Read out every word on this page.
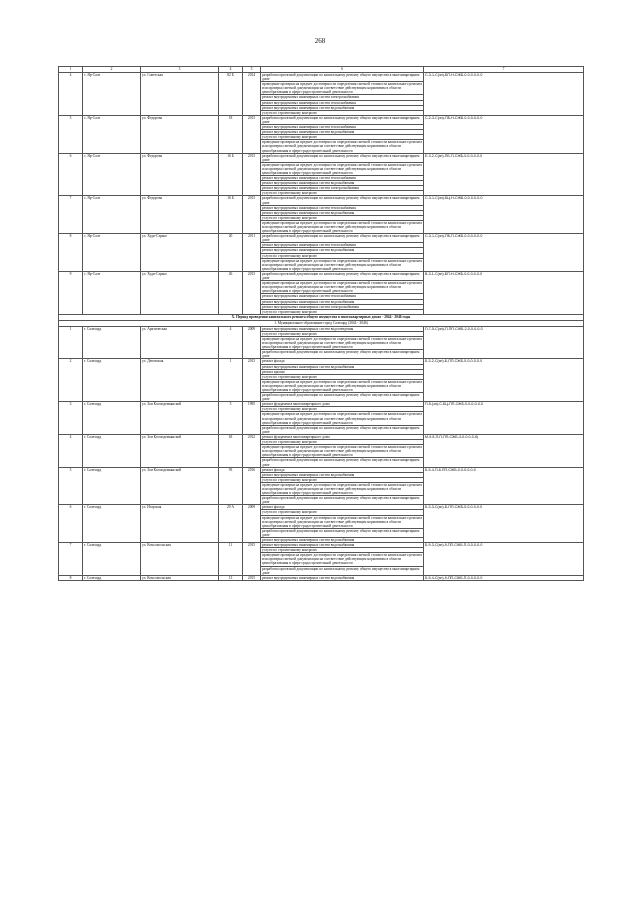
268
1	2	3	4	5	6	7
4	с. Яр-Сале	ул. Советская	82 Б	2014	разработка проектной документации по капитальному ремонту общего имущества в многоквартирном доме	С-3-1-С(зн)-БП-Н-СЖБ-0-0-0-0-0-0
					проведение проверки на предмет достоверности определения сметной стоимости капитального ремонта или проверка сметной документации на соответствие действующим нормативам в области ценообразования в сфере градостроительной деятельности	
					ремонт внутридомовых инженерных систем электроснабжения	
					ремонт внутридомовых инженерных систем теплоснабжения	
					ремонт внутридомовых инженерных систем водоснабжения	
					услуги по строительному контролю	
5	с. Яр-Сале	ул. Федорова	18	2013	разработка проектной документации по капитальному ремонту общего имущества в многоквартирном доме	С-2-3-С(зн)-ПБ-Н-СЖБ-0-0-0-0-0-0
					ремонт внутридомовых инженерных систем теплоснабжения	
					ремонт внутридомовых инженерных систем водоснабжения	
					услуги по строительному контролю	
					проведение проверки на предмет достоверности определения сметной стоимости капитального ремонта или проверка сметной документации на соответствие действующим нормативам в области ценообразования в сфере градостроительной деятельности	
6	с. Яр-Сале	ул. Федорова	16 Б	2013	разработка проектной документации по капитальному ремонту общего имущества в многоквартирном доме	Е-3-2-С(зн)-ПБ-П-СЖБ-0-0-0-0-0-0
					проведение проверки на предмет достоверности определения сметной стоимости капитального ремонта или проверка сметной документации на соответствие действующим нормативам в области ценообразования в сфере градостроительной деятельности	
					ремонт внутридомовых инженерных систем теплоснабжения	
					ремонт внутридомовых инженерных систем водоснабжения	
					ремонт внутридомовых инженерных систем электроснабжения	
					услуги по строительному контролю	
7	с. Яр-Сале	ул. Федорова	16 Б	2013	разработка проектной документации по капитальному ремонту общего имущества в многоквартирном доме	С-3-1-С(зн)-БЦ-Н-СЖБ-0-0-0-0-0-0
					ремонт внутридомовых инженерных систем теплоснабжения	
					ремонт внутридомовых инженерных систем водоснабжения	
					услуги по строительному контролю	
					проведение проверки на предмет достоверности определения сметной стоимости капитального ремонта или проверка сметной документации на соответствие действующим нормативам в области ценообразования в сфере градостроительной деятельности	
8	с. Яр-Сале	ул. Худи-Сэрако	20	2011	разработка проектной документации по капитальному ремонту общего имущества в многоквартирном доме	С-3-1-С(зн)-ПБ-П-СЖБ-0-0-0-0-0-0
					ремонт внутридомовых инженерных систем теплоснабжения	
					ремонт внутридомовых инженерных систем водоснабжения	
					услуги по строительному контролю	
					проведение проверки на предмет достоверности определения сметной стоимости капитального ремонта или проверка сметной документации на соответствие действующим нормативам в области ценообразования в сфере градостроительной деятельности	
9	с. Яр-Сале	ул. Худи-Сэрако	26	2013	разработка проектной документации по капитальному ремонту общего имущества в многоквартирном доме	В-3-1-С(зн)-БП-Н-СЖБ-0-0-0-0-0-0
					проведение проверки на предмет достоверности определения сметной стоимости капитального ремонта или проверка сметной документации на соответствие действующим нормативам в области ценообразования в сфере градостроительной деятельности	
					ремонт внутридомовых инженерных систем теплоснабжения	
					ремонт внутридомовых инженерных систем водоснабжения	
					ремонт внутридомовых инженерных систем электроснабжения	
					услуги по строительному контролю	
X. Период проведения капитального ремонта общего имущества в многоквартирных домах - 2044 - 2046 годы						
1. Муниципальное образование город Салехард (2044 - 2046)						
1	г. Салехард	ул. Арктическая	4	2008	ремонт внутридомовых инженерных систем водоотведения	П-7-5-С(зн)-П-ПП-СЖБ-2-0-0-0-0-0
					услуги по строительному контролю	
					проведение проверки на предмет достоверности определения сметной стоимости капитального ремонта или проверка сметной документации на соответствие действующим нормативам в области ценообразования в сфере градостроительной деятельности	
					разработка проектной документации по капитальному ремонту общего имущества в многоквартирном доме	
2	г. Салехард	ул. Деповская	1	2013	ремонт фасада	Б-3-2-С(зн)-Б-ПП-СЖБ-0-0-0-0-0-0
					ремонт внутридомовых инженерных систем водоснабжения	
					ремонт крыши	
					услуги по строительному контролю	
					проведение проверки на предмет достоверности определения сметной стоимости капитального ремонта или проверка сметной документации на соответствие действующим нормативам в области ценообразования в сфере градостроительной деятельности	
					разработка проектной документации по капитальному ремонту общего имущества в многоквартирном доме	
3	г. Салехард	ул. Зои Космодемьянской	5	1995	ремонт фундамента многоквартирного дома	П-5-(зн)-С-БЦ-ПП-СЖБ-0-0-0-0-0-0
					услуги по строительному контролю	
					проведение проверки на предмет достоверности определения сметной стоимости капитального ремонта или проверка сметной документации на соответствие действующим нормативам в области ценообразования в сфере градостроительной деятельности	
					разработка проектной документации по капитальному ремонту общего имущества в многоквартирном доме	
4	г. Салехард	ул. Зои Космодемьянской	63	2012	ремонт фундамента многоквартирного дома	М-9-5-П-П-ПП-СЖБ-3-0-0-0-0-К)
					услуги по строительному контролю	
					проведение проверки на предмет достоверности определения сметной стоимости капитального ремонта или проверка сметной документации на соответствие действующим нормативам в области ценообразования в сфере градостроительной деятельности	
					разработка проектной документации по капитальному ремонту общего имущества в многоквартирном доме	
5	г. Салехард	ул. Зои Космодемьянской	93	2016	ремонт фасада	Б-9-4-П-6-ПП-СЖБ-0-0-0-0-0-0
					ремонт внутридомовых инженерных систем водоснабжения	
					услуги по строительному контролю	
					проведение проверки на предмет достоверности определения сметной стоимости капитального ремонта или проверка сметной документации на соответствие действующим нормативам в области ценообразования в сфере градостроительной деятельности	
					разработка проектной документации по капитальному ремонту общего имущества в многоквартирном доме	
6	г. Салехард	ул. Игарская	29 А	2009	ремонт фасада	Б-3-3-С(зн)-Б-ПП-СЖБ-0-0-0-0-0-0
					услуги по строительному контролю	
					проведение проверки на предмет достоверности определения сметной стоимости капитального ремонта или проверка сметной документации на соответствие действующим нормативам в области ценообразования в сфере градостроительной деятельности	
					разработка проектной документации по капитальному ремонту общего имущества в многоквартирном доме	
					ремонт внутридомовых инженерных систем водоснабжения	
7	г. Салехард	ул. Комсомольская	11	2015	ремонт внутридомовых инженерных систем водоснабжения	Б-9-3-С(зн)-9-ПП-СЖБ-П-0-0-0-0-0
					услуги по строительному контролю	
					проведение проверки на предмет достоверности определения сметной стоимости капитального ремонта или проверка сметной документации на соответствие действующим нормативам в области ценообразования в сфере градостроительной деятельности	
					разработка проектной документации по капитальному ремонту общего имущества в многоквартирном доме	
8	г. Салехард	ул. Комсомольская	13	2015	ремонт внутридомовых инженерных систем водоснабжения	Б-9-4-С(зн)-9-ПП-СЖБ-П-0-0-0-0-0
